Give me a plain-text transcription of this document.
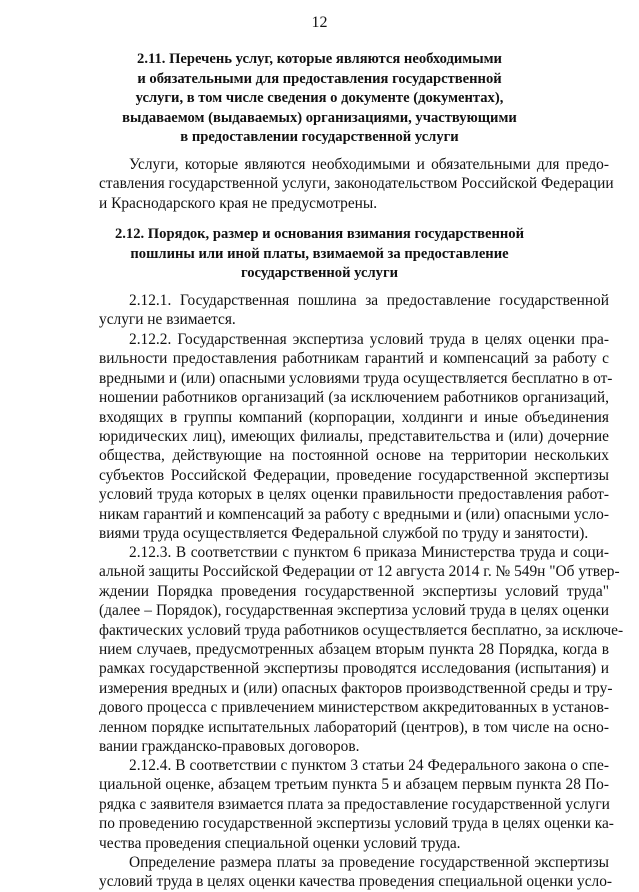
12
2.11. Перечень услуг, которые являются необходимыми
и обязательными для предоставления государственной
услуги, в том числе сведения о документе (документах),
выдаваемом (выдаваемых) организациями, участвующими
в предоставлении государственной услуги
Услуги, которые являются необходимыми и обязательными для предо-
ставления государственной услуги, законодательством Российской Федерации
и Краснодарского края не предусмотрены.
2.12. Порядок, размер и основания взимания государственной
пошлины или иной платы, взимаемой за предоставление
государственной услуги
2.12.1. Государственная пошлина за предоставление государственной
услуги не взимается.
2.12.2. Государственная экспертиза условий труда в целях оценки пра-
вильности предоставления работникам гарантий и компенсаций за работу с
вредными и (или) опасными условиями труда осуществляется бесплатно в от-
ношении работников организаций (за исключением работников организаций,
входящих в группы компаний (корпорации, холдинги и иные объединения
юридических лиц), имеющих филиалы, представительства и (или) дочерние
общества, действующие на постоянной основе на территории нескольких
субъектов Российской Федерации, проведение государственной экспертизы
условий труда которых в целях оценки правильности предоставления работ-
никам гарантий и компенсаций за работу с вредными и (или) опасными усло-
виями труда осуществляется Федеральной службой по труду и занятости).
2.12.3. В соответствии с пунктом 6 приказа Министерства труда и соци-
альной защиты Российской Федерации от 12 августа 2014 г. № 549н "Об утвер-
ждении Порядка проведения государственной экспертизы условий труда"
(далее – Порядок), государственная экспертиза условий труда в целях оценки
фактических условий труда работников осуществляется бесплатно, за исключе-
нием случаев, предусмотренных абзацем вторым пункта 28 Порядка, когда в
рамках государственной экспертизы проводятся исследования (испытания) и
измерения вредных и (или) опасных факторов производственной среды и тру-
дового процесса с привлечением министерством аккредитованных в установ-
ленном порядке испытательных лабораторий (центров), в том числе на осно-
вании гражданско-правовых договоров.
2.12.4. В соответствии с пунктом 3 статьи 24 Федерального закона о спе-
циальной оценке, абзацем третьим пункта 5 и абзацем первым пункта 28 По-
рядка с заявителя взимается плата за предоставление государственной услуги
по проведению государственной экспертизы условий труда в целях оценки ка-
чества проведения специальной оценки условий труда.
Определение размера платы за проведение государственной экспертизы
условий труда в целях оценки качества проведения специальной оценки усло-
